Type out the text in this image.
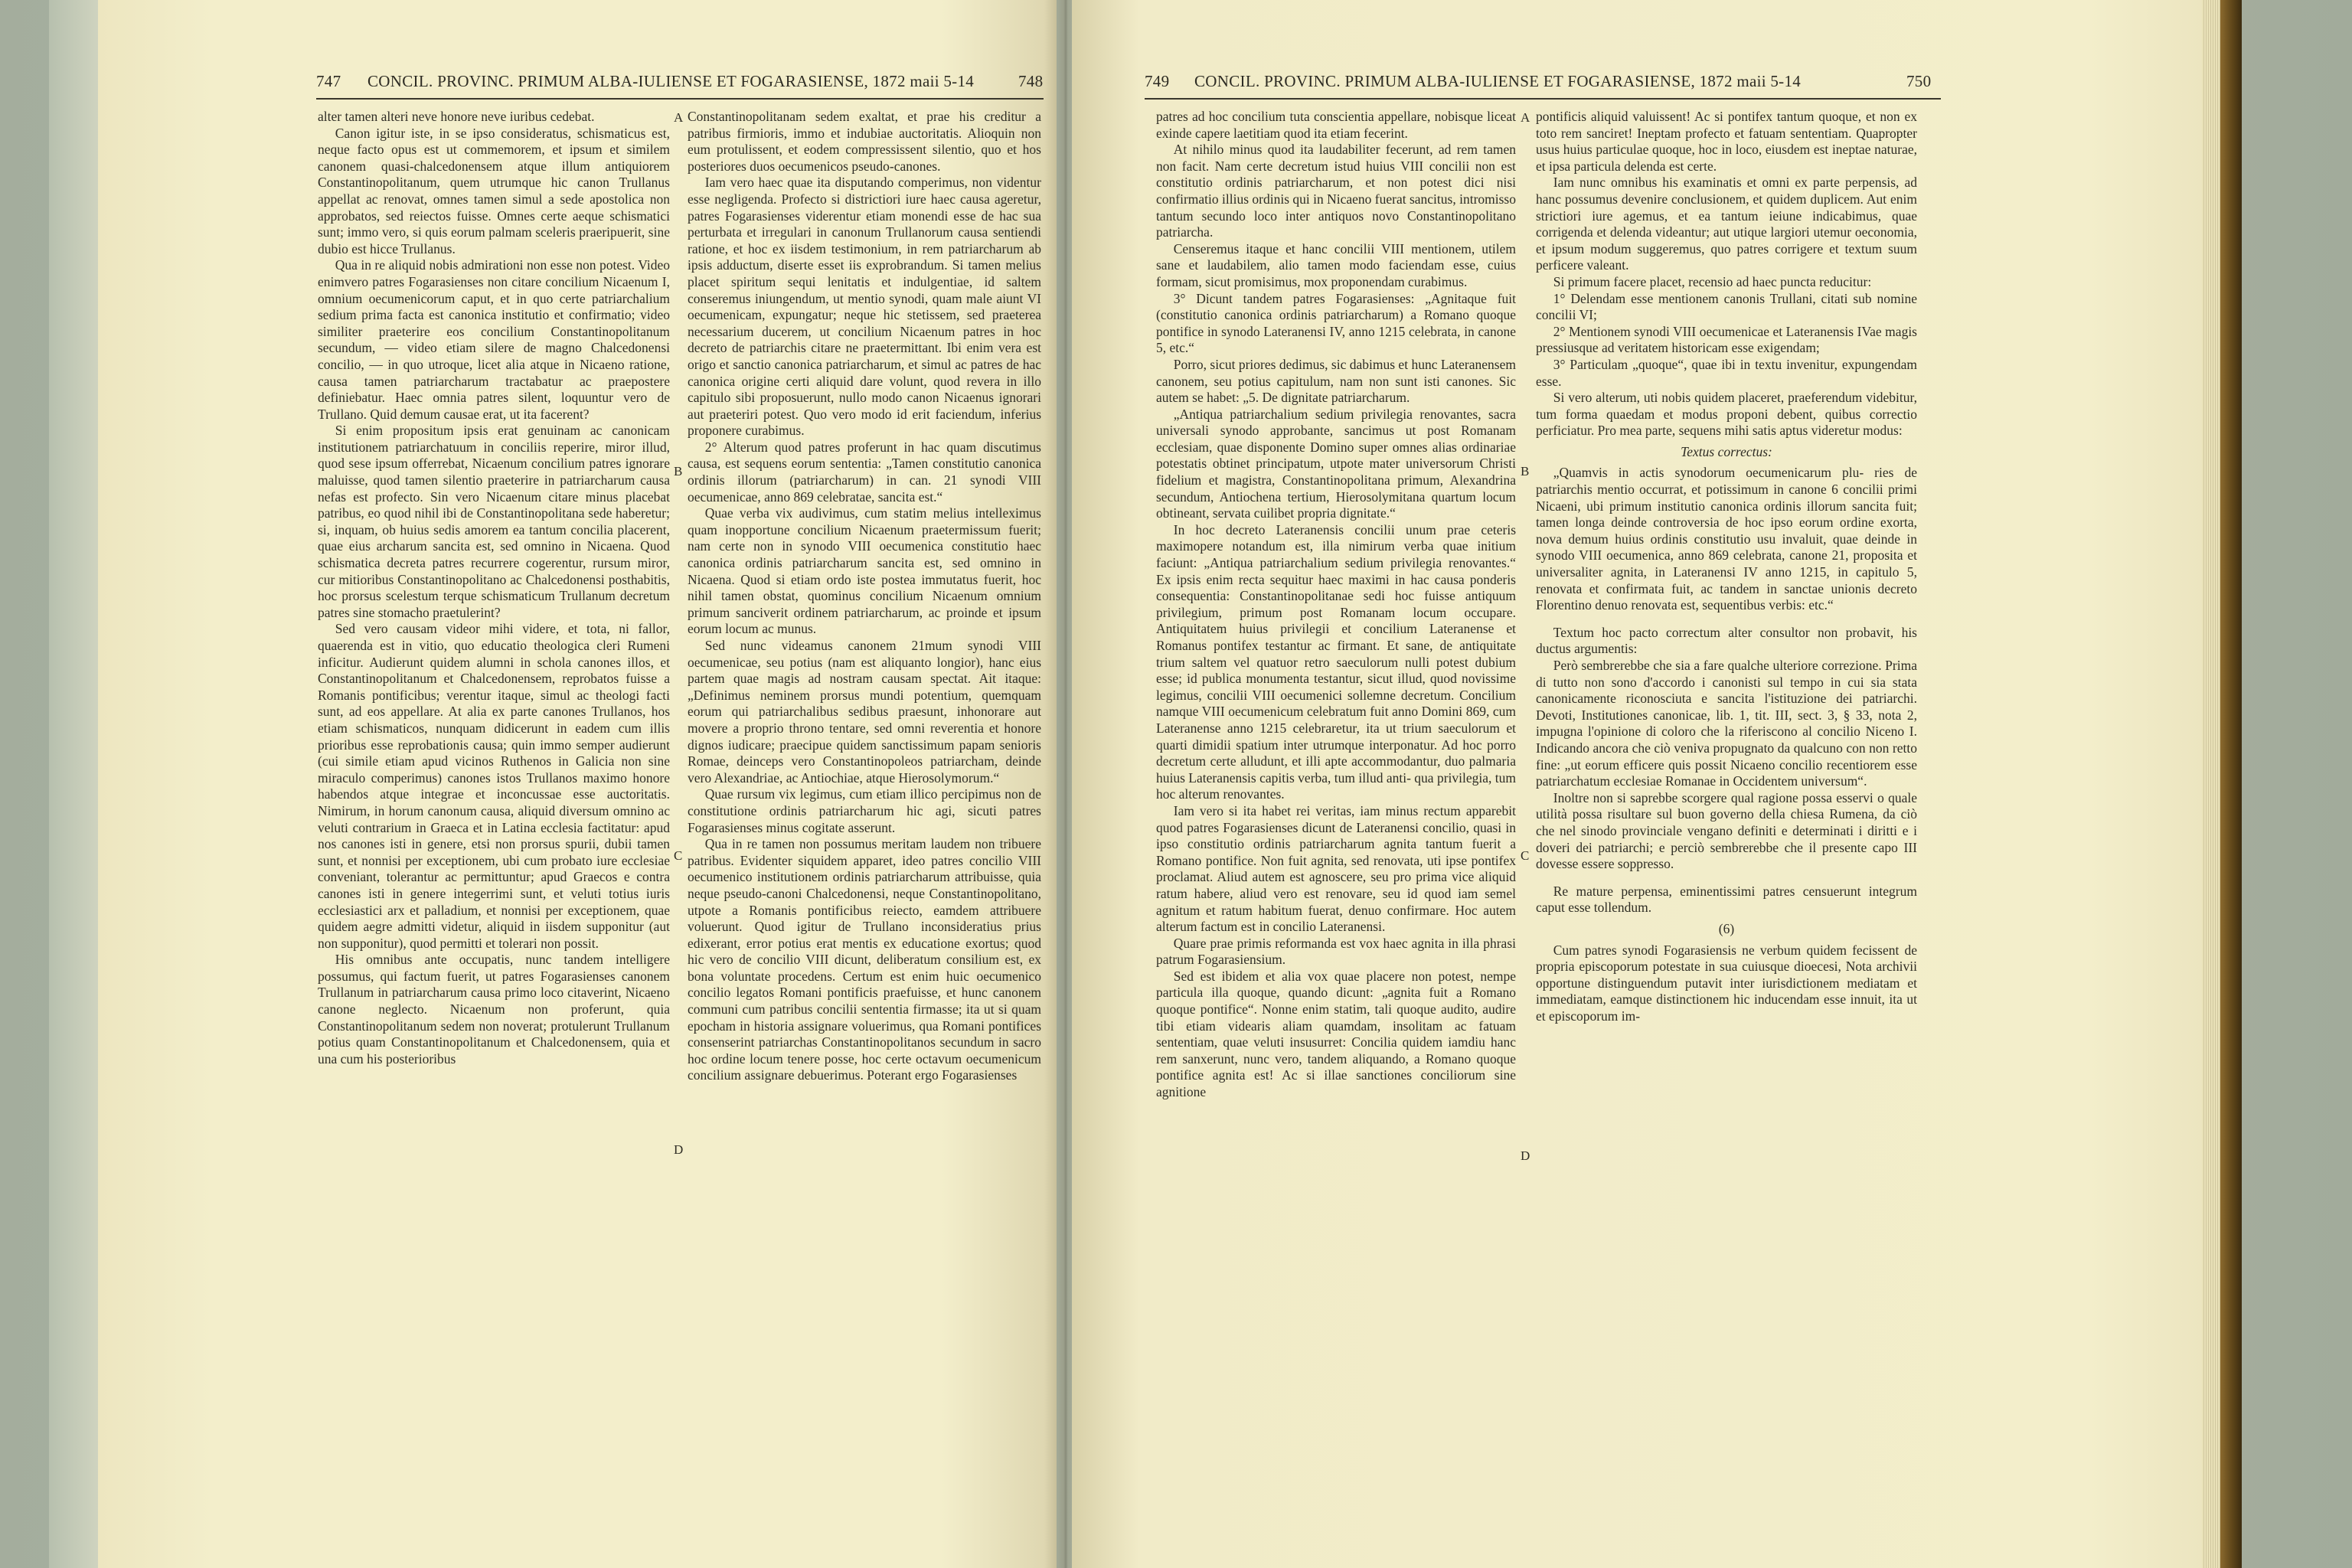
747 CONCIL. PROVINC. PRIMUM ALBA-IULIENSE ET FOGARASIENSE, 1872 maii 5-14	748

alter tamen alteri neve honore neve iuribus cedebat.

Canon igitur iste, in se ipso consideratus, schismaticus est, neque facto opus est ut commemorem, et ipsum et similem canonem quasi-chalcedonensem atque illum antiquiorem Constantinopolitanum, quem utrumque hic canon Trullanus appellat ac renovat, omnes tamen simul a sede apostolica non approbatos, sed reiectos fuisse. Omnes certe aeque schismatici sunt; immo vero, si quis eorum palmam sceleris praeripuerit, sine dubio est hicce Trullanus.

Qua in re aliquid nobis admirationi non esse non potest. Video enimvero patres Fogarasienses non citare concilium Nicaenum I, omnium oecumenicorum caput, et in quo certe patriarchalium sedium prima facta est canonica institutio et confirmatio; video similiter praeterire eos concilium Constantinopolitanum secundum, — video etiam silere de magno Chalcedonensi concilio, — in quo utroque, licet alia atque in Nicaeno ratione, causa tamen patriarcharum tractabatur ac praepostere definiebatur. Haec omnia patres silent, loquuntur vero de Trullano. Quid demum causae erat, ut ita facerent?

Si enim propositum ipsis erat genuinam ac canonicam institutionem patriarchatuum in conciliis reperire, miror illud, quod sese ipsum offerrebat, Nicaenum concilium patres ignorare maluisse, quod tamen silentio praeterire in patriarcharum causa nefas est profecto. Sin vero Nicaenum citare minus placebat patribus, eo quod nihil ibi de Constantinopolitana sede haberetur; si, inquam, ob huius sedis amorem ea tantum concilia placerent, quae eius archarum sancita est, sed omnino in Nicaena. Quod schismatica decreta patres recurrere cogerentur, rursum miror, cur mitioribus Constantinopolitano ac Chalcedonensi posthabitis, hoc prorsus scelestum terque schismaticum Trullanum decretum patres sine stomacho praetulerint?

Sed vero causam videor mihi videre, et tota, ni fallor, quaerenda est in vitio, quo educatio theologica cleri Rumeni inficitur. Audierunt quidem alumni in schola canones illos, et Constantinopolitanum et Chalcedonensem, reprobatos fuisse a Romanis pontificibus; verentur itaque, simul ac theologi facti sunt, ad eos appellare. At alia ex parte canones Trullanos, hos etiam schismaticos, nunquam didicerunt in eadem cum illis prioribus esse reprobationis causa; quin immo semper audierunt (cui simile etiam apud vicinos Ruthenos in Galicia non sine miraculo comperimus) canones istos Trullanos maximo honore habendos atque integrae et inconcussae esse auctoritatis. Nimirum, in horum canonum causa, aliquid diversum omnino ac veluti contrarium in Graeca et in Latina ecclesia factitatur: apud nos canones isti in genere, etsi non prorsus spurii, dubii tamen sunt, et nonnisi per exceptionem, ubi cum probato iure ecclesiae conveniant, tolerantur ac permittuntur; apud Graecos e contra canones isti in genere integerrimi sunt, et veluti totius iuris ecclesiastici arx et palladium, et nonnisi per exceptionem, quae quidem aegre admitti videtur, aliquid in iisdem supponitur (aut non supponitur), quod permitti et tolerari non possit.

His omnibus ante occupatis, nunc tandem intelligere possumus, qui factum fuerit, ut patres Fogarasienses canonem Trullanum in patriarcharum causa primo loco citaverint, Nicaeno canone neglecto. Nicaenum non proferunt, quia Constantinopolitanum sedem non noverat; protulerunt Trullanum potius quam Constantinopolitanum et Chalcedonensem, quia et una cum his posterioribus

A
B
C
D

Constantinopolitanam sedem exaltat, et prae his creditur a patribus firmioris, immo et indubiae auctoritatis. Alioquin non eum protulissent, et eodem compressissent silentio, quo et hos posteriores duos oecumenicos pseudo-canones.

Iam vero haec quae ita disputando comperimus, non videntur esse negligenda. Profecto si districtiori iure haec causa ageretur, patres Fogarasienses viderentur etiam monendi esse de hac sua perturbata et irregulari in canonum Trullanorum causa sentiendi ratione, et hoc ex iisdem testimonium, in rem patriarcharum ab ipsis adductum, diserte esset iis exprobrandum. Si tamen melius placet spiritum sequi lenitatis et indulgentiae, id saltem conseremus iniungendum, ut mentio synodi, quam male aiunt VI oecumenicam, expungatur; neque hic stetissem, sed praeterea necessarium ducerem, ut concilium Nicaenum patres in hoc decreto de patriarchis citare ne praetermittant. Ibi enim vera est origo et sanctio canonica patriarcharum, et simul ac patres de hac canonica origine certi aliquid dare volunt, quod revera in illo capitulo sibi proposuerunt, nullo modo canon Nicaenus ignorari aut praeteriri potest. Quo vero modo id erit faciendum, inferius proponere curabimus.

2° Alterum quod patres proferunt in hac quam discutimus causa, est sequens eorum sententia: „Tamen constitutio canonica ordinis illorum (patriarcharum) in can. 21 synodi VIII oecumenicae, anno 869 celebratae, sancita est.“

Quae verba vix audivimus, cum statim melius intelleximus quam inopportune concilium Nicaenum praetermissum fuerit; nam certe non in synodo VIII oecumenica constitutio haec canonica ordinis patriarcharum sancita est, sed omnino in Nicaena. Quod si etiam ordo iste postea immutatus fuerit, hoc nihil tamen obstat, quominus concilium Nicaenum omnium primum sanciverit ordinem patriarcharum, ac proinde et ipsum eorum locum ac munus.

Sed nunc videamus canonem 21mum synodi VIII oecumenicae, seu potius (nam est aliquanto longior), hanc eius partem quae magis ad nostram causam spectat. Ait itaque: „Definimus neminem prorsus mundi potentium, quemquam eorum qui patriarchalibus sedibus praesunt, inhonorare aut movere a proprio throno tentare, sed omni reverentia et honore dignos iudicare; praecipue quidem sanctissimum papam senioris Romae, deinceps vero Constantinopoleos patriarcham, deinde vero Alexandriae, ac Antiochiae, atque Hierosolymorum.“

Quae rursum vix legimus, cum etiam illico percipimus non de constitutione ordinis patriarcharum hic agi, sicuti patres Fogarasienses minus cogitate asserunt.

Qua in re tamen non possumus meritam laudem non tribuere patribus. Evidenter siquidem apparet, ideo patres concilio VIII oecumenico institutionem ordinis patriarcharum attribuisse, quia neque pseudo-canoni Chalcedonensi, neque Constantinopolitano, utpote a Romanis pontificibus reiecto, eamdem attribuere voluerunt. Quod igitur de Trullano inconsideratius prius edixerant, error potius erat mentis ex educatione exortus; quod hic vero de concilio VIII dicunt, deliberatum consilium est, ex bona voluntate procedens. Certum est enim huic oecumenico concilio legatos Romani pontificis praefuisse, et hunc canonem communi cum patribus concilii sententia firmasse; ita ut si quam epocham in historia assignare voluerimus, qua Romani pontifices consenserint patriarchas Constantinopolitanos secundum in sacro hoc ordine locum tenere posse, hoc certe octavum oecumenicum concilium assignare debuerimus. Poterant ergo Fogarasienses

749 CONCIL. PROVINC. PRIMUM ALBA-IULIENSE ET FOGARASIENSE, 1872 maii 5-14	750

patres ad hoc concilium tuta conscientia appellare, nobisque liceat exinde capere laetitiam quod ita etiam fecerint.

At nihilo minus quod ita laudabiliter fecerunt, ad rem tamen non facit. Nam certe decretum istud huius VIII concilii non est constitutio ordinis patriarcharum, et non potest dici nisi confirmatio illius ordinis qui in Nicaeno fuerat sancitus, intromisso tantum secundo loco inter antiquos novo Constantinopolitano patriarcha.

Censeremus itaque et hanc concilii VIII mentionem, utilem sane et laudabilem, alio tamen modo faciendam esse, cuius formam, sicut promisimus, mox proponendam curabimus.

3° Dicunt tandem patres Fogarasienses: „Agnitaque fuit (constitutio canonica ordinis patriarcharum) a Romano quoque pontifice in synodo Lateranensi IV, anno 1215 celebrata, in canone 5, etc.“

Porro, sicut priores dedimus, sic dabimus et hunc Lateranensem canonem, seu potius capitulum, nam non sunt isti canones. Sic autem se habet: „5. De dignitate patriarcharum.

„Antiqua patriarchalium sedium privilegia renovantes, sacra universali synodo approbante, sancimus ut post Romanam ecclesiam, quae disponente Domino super omnes alias ordinariae potestatis obtinet principatum, utpote mater universorum Christi fidelium et magistra, Constantinopolitana primum, Alexandrina secundum, Antiochena tertium, Hierosolymitana quartum locum obtineant, servata cuilibet propria dignitate.“

In hoc decreto Lateranensis concilii unum prae ceteris maximopere notandum est, illa nimirum verba quae initium faciunt: „Antiqua patriarchalium sedium privilegia renovantes.“ Ex ipsis enim recta sequitur haec maximi in hac causa ponderis consequentia: Constantinopolitanae sedi hoc fuisse antiquum privilegium, primum post Romanam locum occupare. Antiquitatem huius privilegii et concilium Lateranense et Romanus pontifex testantur ac firmant. Et sane, de antiquitate trium saltem vel quatuor retro saeculorum nulli potest dubium esse; id publica monumenta testantur, sicut illud, quod novissime legimus, concilii VIII oecumenici sollemne decretum. Concilium namque VIII oecumenicum celebratum fuit anno Domini 869, cum Lateranense anno 1215 celebraretur, ita ut trium saeculorum et quarti dimidii spatium inter utrumque interponatur. Ad hoc porro decretum certe alludunt, et illi apte accommodantur, duo palmaria huius Lateranensis capitis verba, tum illud anti- qua privilegia, tum hoc alterum renovantes.

Iam vero si ita habet rei veritas, iam minus rectum apparebit quod patres Fogarasienses dicunt de Lateranensi concilio, quasi in ipso constitutio ordinis patriarcharum agnita tantum fuerit a Romano pontifice. Non fuit agnita, sed renovata, uti ipse pontifex proclamat. Aliud autem est agnoscere, seu pro prima vice aliquid ratum habere, aliud vero est renovare, seu id quod iam semel agnitum et ratum habitum fuerat, denuo confirmare. Hoc autem alterum factum est in concilio Lateranensi.

Quare prae primis reformanda est vox haec agnita in illa phrasi patrum Fogarasiensium.

Sed est ibidem et alia vox quae placere non potest, nempe particula illa quoque, quando dicunt: „agnita fuit a Romano quoque pontifice“. Nonne enim statim, tali quoque audito, audire tibi etiam videaris aliam quamdam, insolitam ac fatuam sententiam, quae veluti insusurret: Concilia quidem iamdiu hanc rem sanxerunt, nunc vero, tandem aliquando, a Romano quoque pontifice agnita est! Ac si illae sanctiones conciliorum sine agnitione

A
B
C
D

pontificis aliquid valuissent! Ac si pontifex tantum quoque, et non ex toto rem sanciret! Ineptam profecto et fatuam sententiam. Quapropter usus huius particulae quoque, hoc in loco, eiusdem est ineptae naturae, et ipsa particula delenda est certe.

Iam nunc omnibus his examinatis et omni ex parte perpensis, ad hanc possumus devenire conclusionem, et quidem duplicem. Aut enim strictiori iure agemus, et ea tantum ieiune indicabimus, quae corrigenda et delenda videantur; aut utique largiori utemur oeconomia, et ipsum modum suggeremus, quo patres corrigere et textum suum perficere valeant.

Si primum facere placet, recensio ad haec puncta reducitur:

1° Delendam esse mentionem canonis Trullani, citati sub nomine concilii VI;

2° Mentionem synodi VIII oecumenicae et Lateranensis IVae magis pressiusque ad veritatem historicam esse exigendam;

3° Particulam „quoque“, quae ibi in textu invenitur, expungendam esse.

Si vero alterum, uti nobis quidem placeret, praeferendum videbitur, tum forma quaedam et modus proponi debent, quibus correctio perficiatur. Pro mea parte, sequens mihi satis aptus videretur modus:

Textus correctus:

„Quamvis in actis synodorum oecumenicarum plu- ries de patriarchis mentio occurrat, et potissimum in canone 6 concilii primi Nicaeni, ubi primum institutio canonica ordinis illorum sancita fuit; tamen longa deinde controversia de hoc ipso eorum ordine exorta, nova demum huius ordinis constitutio usu invaluit, quae deinde in synodo VIII oecumenica, anno 869 celebrata, canone 21, proposita et universaliter agnita, in Lateranensi IV anno 1215, in capitulo 5, renovata et confirmata fuit, ac tandem in sanctae unionis decreto Florentino denuo renovata est, sequentibus verbis: etc.“

Textum hoc pacto correctum alter consultor non probavit, his ductus argumentis:

Però sembrerebbe che sia a fare qualche ulteriore correzione. Prima di tutto non sono d'accordo i canonisti sul tempo in cui sia stata canonicamente riconosciuta e sancita l'istituzione dei patriarchi. Devoti, Institutiones canonicae, lib. 1, tit. III, sect. 3, § 33, nota 2, impugna l'opinione di coloro che la riferiscono al concilio Niceno I. Indicando ancora che ciò veniva propugnato da qualcuno con non retto fine: „ut eorum efficere quis possit Nicaeno concilio recentiorem esse patriarchatum ecclesiae Romanae in Occidentem universum“.

Inoltre non si saprebbe scorgere qual ragione possa esservi o quale utilità possa risultare sul buon governo della chiesa Rumena, da ciò che nel sinodo provinciale vengano definiti e determinati i diritti e i doveri dei patriarchi; e perciò sembrerebbe che il presente capo III dovesse essere soppresso.

Re mature perpensa, eminentissimi patres censuerunt integrum caput esse tollendum.

(6)

Cum patres synodi Fogarasiensis ne verbum quidem fecissent de propria episcoporum potestate in sua cuiusque dioecesi, Nota archivii opportune distinguendum putavit inter iurisdictionem mediatam et immediatam, eamque distinctionem hic inducendam esse innuit, ita ut et episcoporum im-
